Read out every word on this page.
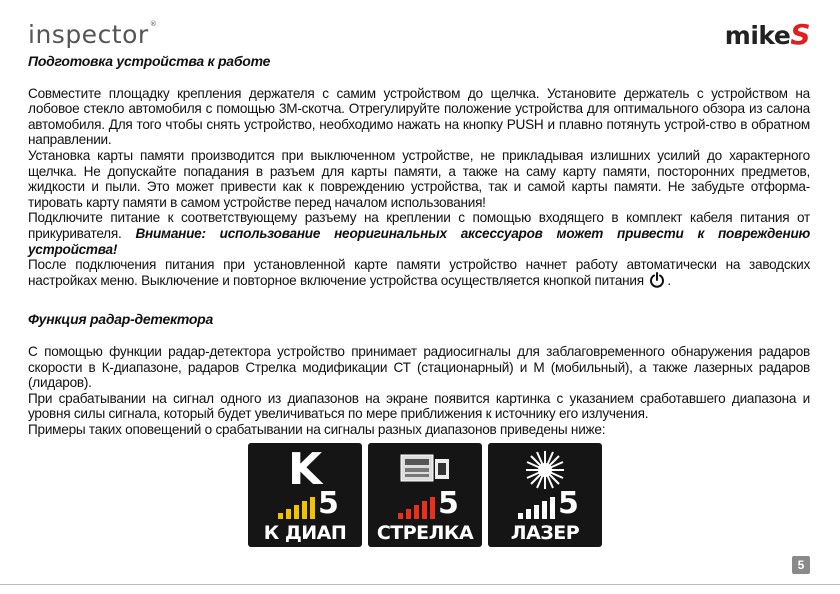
inspector®	mikeS

Подготовка устройства к работе

Совместите площадку крепления держателя с самим устройством до щелчка. Установите держатель с устройством на лобовое стекло автомобиля с помощью 3М-скотча. Отрегулируйте положение устройства для оптимального обзора из салона автомобиля. Для того чтобы снять устройство, необходимо нажать на кнопку PUSH и плавно потянуть устрой-ство в обратном направлении.

Установка карты памяти производится при выключенном устройстве, не прикладывая излишних усилий до характерного щелчка. Не допускайте попадания в разъем для карты памяти, а также на саму карту памяти, посторонних предметов, жидкости и пыли. Это может привести как к повреждению устройства, так и самой карты памяти. Не забудьте отформа-тировать карту памяти в самом устройстве перед началом использования!

Подключите питание к соответствующему разъему на креплении с помощью входящего в комплект кабеля питания от прикуривателя. Внимание: использование неоригинальных аксессуаров может привести к повреждению устройства!

После подключения питания при установленной карте памяти устройство начнет работу автоматически на заводских настройках меню. Выключение и повторное включение устройства осуществляется кнопкой питания .

Функция радар-детектора

С помощью функции радар-детектора устройство принимает радиосигналы для заблаговременного обнаружения радаров скорости в К-диапазоне, радаров Стрелка модификации СТ (стационарный) и М (мобильный), а также лазерных радаров (лидаров).

При срабатывании на сигнал одного из диапазонов на экране появится картинка с указанием сработавшего диапазона и уровня силы сигнала, который будет увеличиваться по мере приближения к источнику его излучения.

Примеры таких оповещений о срабатывании на сигналы разных диапазонов приведены ниже:

K
5
К ДИАП
5
СТРЕЛКА
5
ЛАЗЕР
5
